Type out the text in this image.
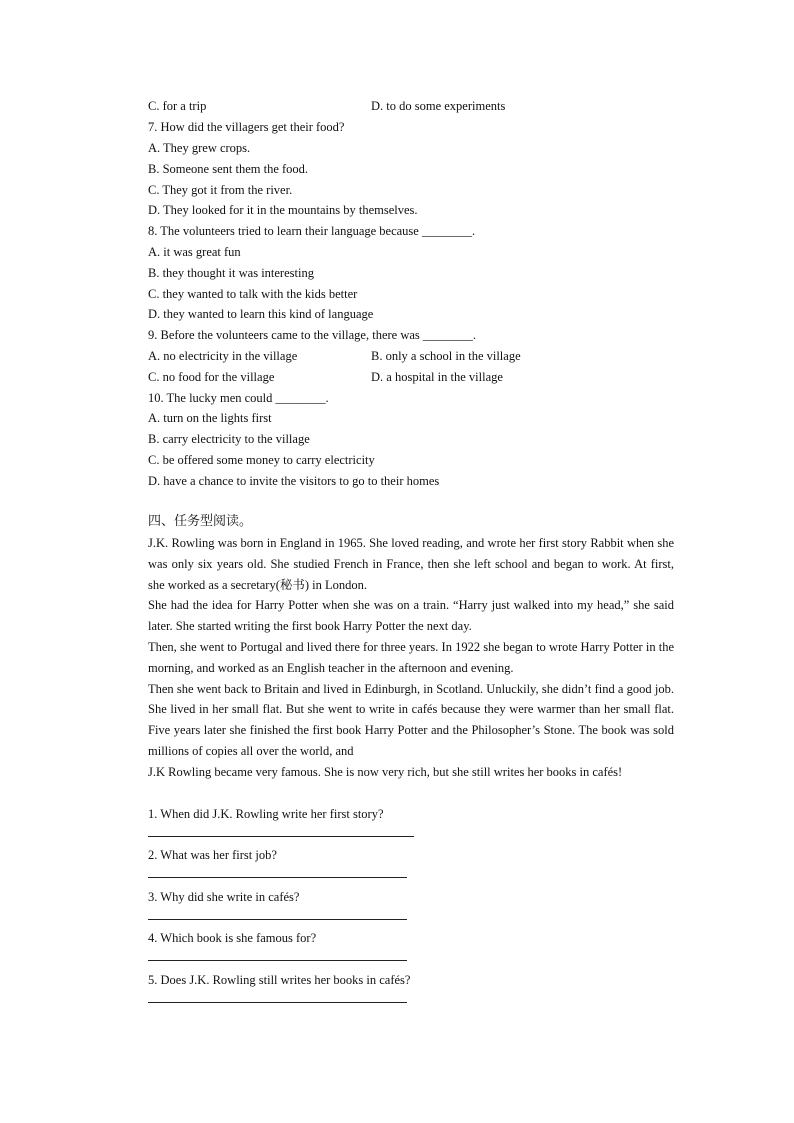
C. for a trip	D. to do some experiments
7. How did the villagers get their food?
A. They grew crops.
B. Someone sent them the food.
C. They got it from the river.
D. They looked for it in the mountains by themselves.
8. The volunteers tried to learn their language because ________.
A. it was great fun
B. they thought it was interesting
C. they wanted to talk with the kids better
D. they wanted to learn this kind of language
9. Before the volunteers came to the village, there was ________.
A. no electricity in the village	B. only a school in the village
C. no food for the village	D. a hospital in the village
10. The lucky men could ________.
A. turn on the lights first
B. carry electricity to the village
C. be offered some money to carry electricity
D. have a chance to invite the visitors to go to their homes
四、任务型阅读。

J.K. Rowling was born in England in 1965. She loved reading, and wrote her first story Rabbit when she was only six years old. She studied French in France, then she left school and began to work. At first, she worked as a secretary(秘书) in London.

She had the idea for Harry Potter when she was on a train. “Harry just walked into my head,” she said later. She started writing the first book Harry Potter the next day.

Then, she went to Portugal and lived there for three years. In 1922 she began to wrote Harry Potter in the morning, and worked as an English teacher in the afternoon and evening.

Then she went back to Britain and lived in Edinburgh, in Scotland. Unluckily, she didn’t find a good job. She lived in her small flat. But she went to write in cafés because they were warmer than her small flat. Five years later she finished the first book Harry Potter and the Philosopher’s Stone. The book was sold millions of copies all over the world, and

J.K Rowling became very famous. She is now very rich, but she still writes her books in cafés!

1. When did J.K. Rowling write her first story?
2. What was her first job?
3. Why did she write in cafés?
4. Which book is she famous for?
5. Does J.K. Rowling still writes her books in cafés?
